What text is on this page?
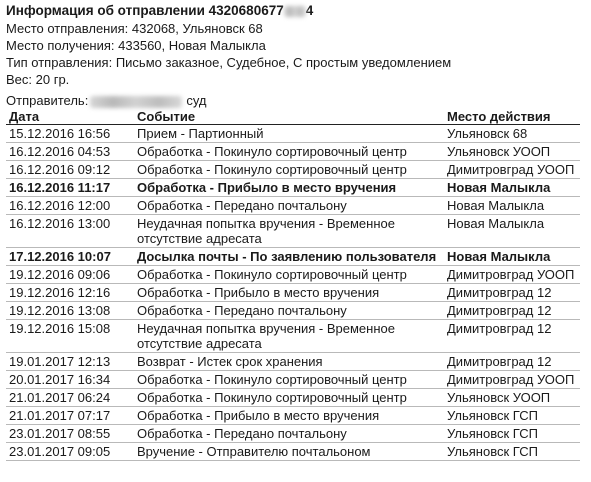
Информация об отправлении 4320680677 4
Место отправления: 432068, Ульяновск 68
Место получения: 433560, Новая Малыкла
Тип отправления: Письмо заказное, Судебное, С простым уведомлением
Вес: 20 гр.
Отправитель:	суд
Дата	Событие	Место действия
15.12.2016 16:56	Прием - Партионный	Ульяновск 68
16.12.2016 04:53	Обработка - Покинуло сортировочный центр	Ульяновск УООП
16.12.2016 09:12	Обработка - Покинуло сортировочный центр	Димитровград УООП
16.12.2016 11:17	Обработка - Прибыло в место вручения	Новая Малыкла
16.12.2016 12:00	Обработка - Передано почтальону	Новая Малыкла
16.12.2016 13:00	Неудачная попытка вручения - Временное отсутствие адресата	Новая Малыкла
17.12.2016 10:07	Досылка почты - По заявлению пользователя	Новая Малыкла
19.12.2016 09:06	Обработка - Покинуло сортировочный центр	Димитровград УООП
19.12.2016 12:16	Обработка - Прибыло в место вручения	Димитровград 12
19.12.2016 13:08	Обработка - Передано почтальону	Димитровград 12
19.12.2016 15:08	Неудачная попытка вручения - Временное отсутствие адресата	Димитровград 12
19.01.2017 12:13	Возврат - Истек срок хранения	Димитровград 12
20.01.2017 16:34	Обработка - Покинуло сортировочный центр	Димитровград УООП
21.01.2017 06:24	Обработка - Покинуло сортировочный центр	Ульяновск УООП
21.01.2017 07:17	Обработка - Прибыло в место вручения	Ульяновск ГСП
23.01.2017 08:55	Обработка - Передано почтальону	Ульяновск ГСП
23.01.2017 09:05	Вручение - Отправителю почтальоном	Ульяновск ГСП
